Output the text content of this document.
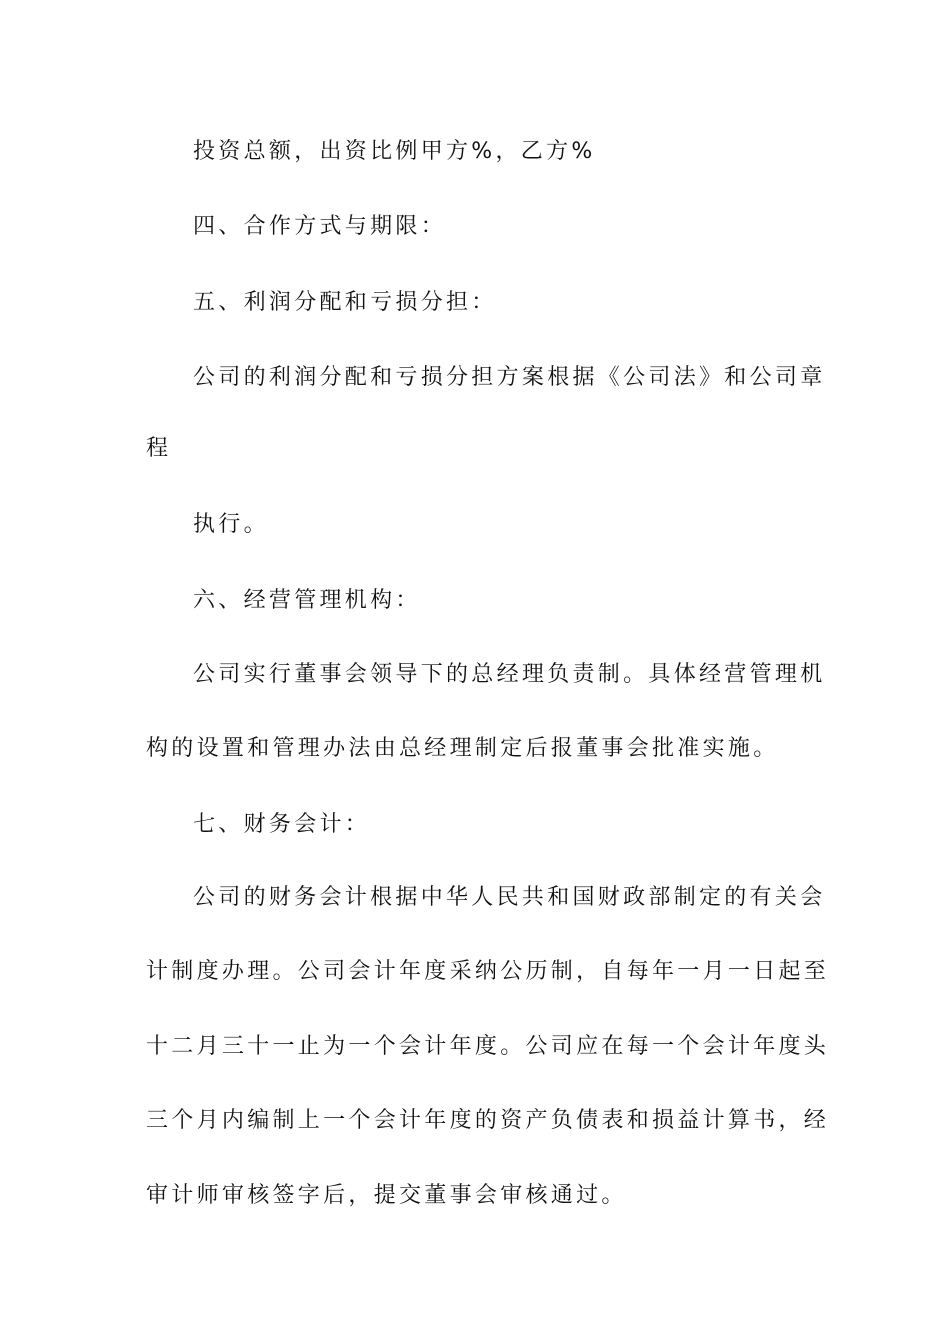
投资总额，出资比例甲方%，乙方%
四、合作方式与期限：
五、利润分配和亏损分担：
公司的利润分配和亏损分担方案根据《公司法》和公司章
程
执行。
六、经营管理机构：
公司实行董事会领导下的总经理负责制。具体经营管理机
构的设置和管理办法由总经理制定后报董事会批准实施。
七、财务会计：
公司的财务会计根据中华人民共和国财政部制定的有关会
计制度办理。公司会计年度采纳公历制，自每年一月一日起至
十二月三十一止为一个会计年度。公司应在每一个会计年度头
三个月内编制上一个会计年度的资产负债表和损益计算书，经
审计师审核签字后，提交董事会审核通过。
